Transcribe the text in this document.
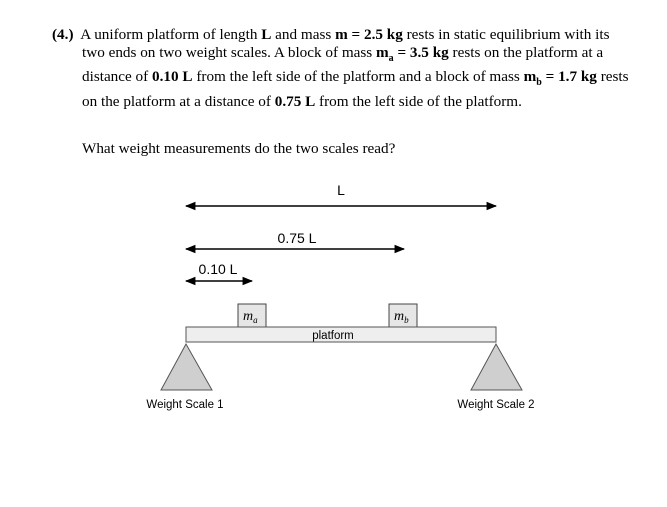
(4.) A uniform platform of length L and mass m = 2.5 kg rests in static equilibrium with its two ends on two weight scales. A block of mass $m_a = 3.5$ kg rests on the platform at a distance of 0.10 L from the left side of the platform and a block of mass $m_b = 1.7$ kg rests on the platform at a distance of 0.75 L from the left side of the platform.
What weight measurements do the two scales read?
L
0.75 L
0.10 L
$m_a$	$m_b$
platform
Weight Scale 1	Weight Scale 2
